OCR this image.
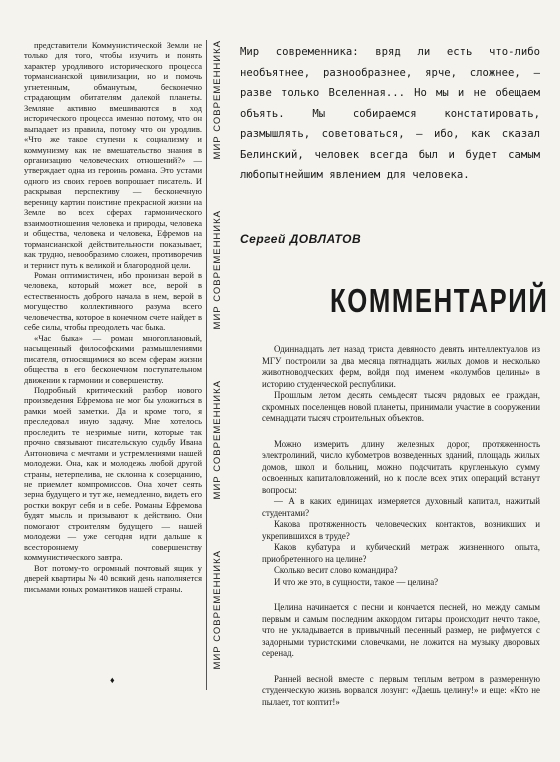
представители Коммунистической Земли не только для того, чтобы изучить и понять характер уродливого исторического процесса тормансианской цивилизации, но и помочь угнетенным, обманутым, бесконечно страдающим обитателям далекой планеты. Землянe активно вмешиваются в ход исторического процесса именно потому, что он выпадает из правила, потому что он уродлив. «Что же такое ступени к социализму и коммунизму как не вмешательство знания в организацию человеческих отношений?» — утверждает одна из героинь романа. Это устами одного из своих героев вопрошает писатель. И раскрывая перспективу — бесконечную вереницу картин поистине прекрасной жизни на Земле во всех сферах гармонического взаимоотношения человека и природы, человека и общества, человека и человека, Ефремов на тормансианской действительности показывает, как трудно, невообразимо сложен, противоречив и тернист путь к великой и благородной цели.

Роман оптимистичен, ибо пронизан верой в человека, который может все, верой в естественность доброго начала в нем, верой в могущество коллективного разума всего человечества, которое в конечном счете найдет в себе силы, чтобы преодолеть час быка.

«Час быка» — роман многоплановый, насыщенный философскими размышлениями писателя, относящимися ко всем сферам жизни общества в его бесконечном поступательном движении к гармонии и совершенству.

Подробный критический разбор нового произведения Ефремова не мог бы уложиться в рамки моей заметки. Да и кроме того, я преследовал иную задачу. Мне хотелось проследить те незримые нити, которые так прочно связывают писательскую судьбу Ивана Антоновича с мечтами и устремлениями нашей молодежи. Она, как и молодежь любой другой страны, нетерпелива, не склонна к созерцанию, не приемлет компромиссов. Она хочет сеять зерна будущего и тут же, немедленно, видеть его ростки вокруг себя и в себе. Романы Ефремова будят мысль и призывают к действию. Они помогают строителям будущего — нашей молодежи — уже сегодня идти дальше к всестороннему совершенству коммунистического завтра.

Вот потому-то огромный почтовый ящик у дверей квартиры № 40 всякий день наполняется письмами юных романтиков нашей страны.

♦
МИР СОВРЕМЕННИКА
МИР СОВРЕМЕННИКА
МИР СОВРЕМЕННИКА
МИР СОВРЕМЕННИКА
Мир современника: вряд ли есть что-либо необъятнее, разнообразнее, ярче, сложнее, — разве только Вселенная... Но мы и не обещаем объять. Мы собираемся констатировать, размышлять, советоваться, — ибо, как сказал Белинский, человек всегда был и будет самым любопытнейшим явлением для человека.
Сергей ДОВЛАТОВ
КОММЕНТАРИЙ

Одиннадцать лет назад триста девяносто девять интеллектуалов из МГУ построили за два месяца пятнадцать жилых домов и несколько животноводческих ферм, войдя под именем «колумбов целины» в историю студенческой республики.

Прошлым летом десять семьдесят тысяч рядовых ее граждан, скромных поселенцев новой планеты, принимали участие в сооружении семнадцати тысяч строительных объектов.

Можно измерить длину железных дорог, протяженность электролиний, число кубометров возведенных зданий, площадь жилых домов, школ и больниц, можно подсчитать кругленькую сумму освоенных капиталовложений, но к после всех этих операций встанут вопросы:

— А в каких единицах измеряется духовный капитал, нажитый студентами?

Какова протяженность человеческих контактов, возникших и укрепившихся в труде?

Каков кубатура и кубический метраж жизненного опыта, приобретенного на целине?

Сколько весит слово командира?

И что же это, в сущности, такое — целина?

Целина начинается с песни и кончается песней, но между самым первым и самым последним аккордом гитары происходит нечто такое, что не укладывается в привычный песенный размер, не рифмуется с задорными туристскими словечками, не ложится на музыку дворовых серенад.

Ранней весной вместе с первым теплым ветром в размеренную студенческую жизнь ворвался лозунг: «Даешь целину!» и еще: «Кто не пылает, тот коптит!»
